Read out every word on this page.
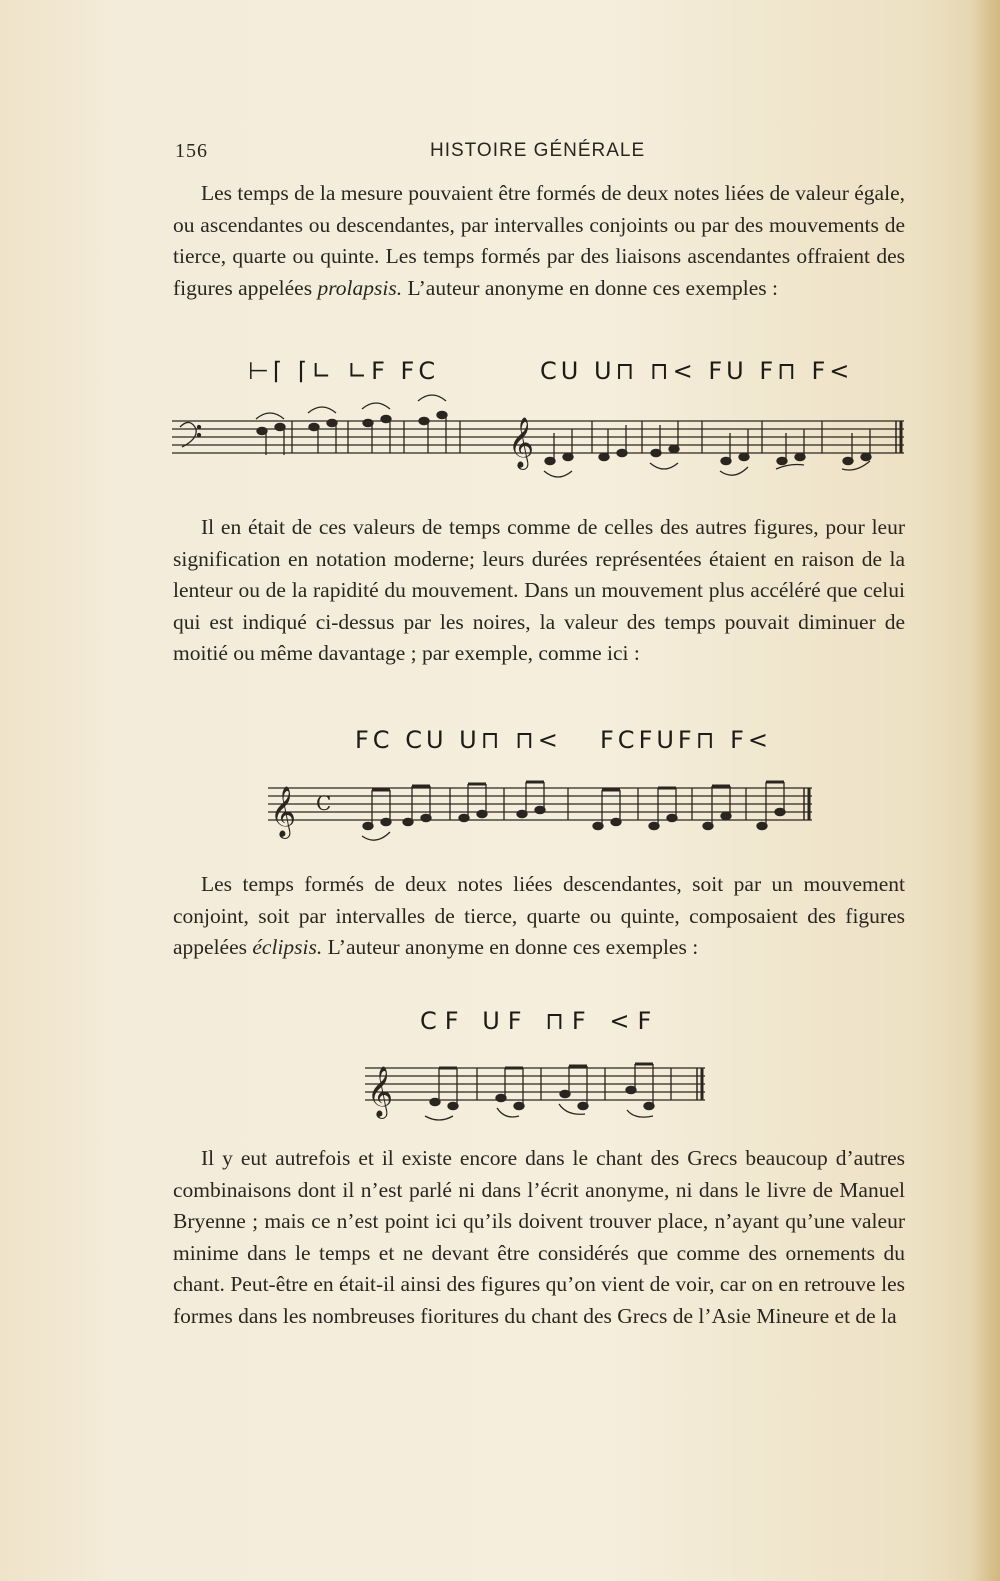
156	HISTOIRE GÉNÉRALE

Les temps de la mesure pouvaient être formés de deux notes liées de valeur égale, ou ascendantes ou descendantes, par intervalles conjoints ou par des mouvements de tierce, quarte ou quinte. Les temps formés par des liaisons ascendantes offraient des figures appelées prolapsis. L’auteur anonyme en donne ces exemples :

⊢⌈ ⌈∟ ∟F FC	CU U⊓ ⊓< FU F⊓ F<
𝄞

Il en était de ces valeurs de temps comme de celles des autres figures, pour leur signification en notation moderne; leurs durées représentées étaient en raison de la lenteur ou de la rapidité du mouvement. Dans un mouvement plus accéléré que celui qui est indiqué ci-dessus par les noires, la valeur des temps pouvait diminuer de moitié ou même davantage ; par exemple, comme ici :

FC CU U⊓ ⊓< FCFUF⊓ F<
𝄞 C

Les temps formés de deux notes liées descendantes, soit par un mouvement conjoint, soit par intervalles de tierce, quarte ou quinte, composaient des figures appelées éclipsis. L’auteur anonyme en donne ces exemples :

CF UF ⊓F <F
𝄞

Il y eut autrefois et il existe encore dans le chant des Grecs beaucoup d’autres combinaisons dont il n’est parlé ni dans l’écrit anonyme, ni dans le livre de Manuel Bryenne ; mais ce n’est point ici qu’ils doivent trouver place, n’ayant qu’une valeur minime dans le temps et ne devant être considérés que comme des ornements du chant. Peut-être en était-il ainsi des figures qu’on vient de voir, car on en retrouve les formes dans les nombreuses fioritures du chant des Grecs de l’Asie Mineure et de la
